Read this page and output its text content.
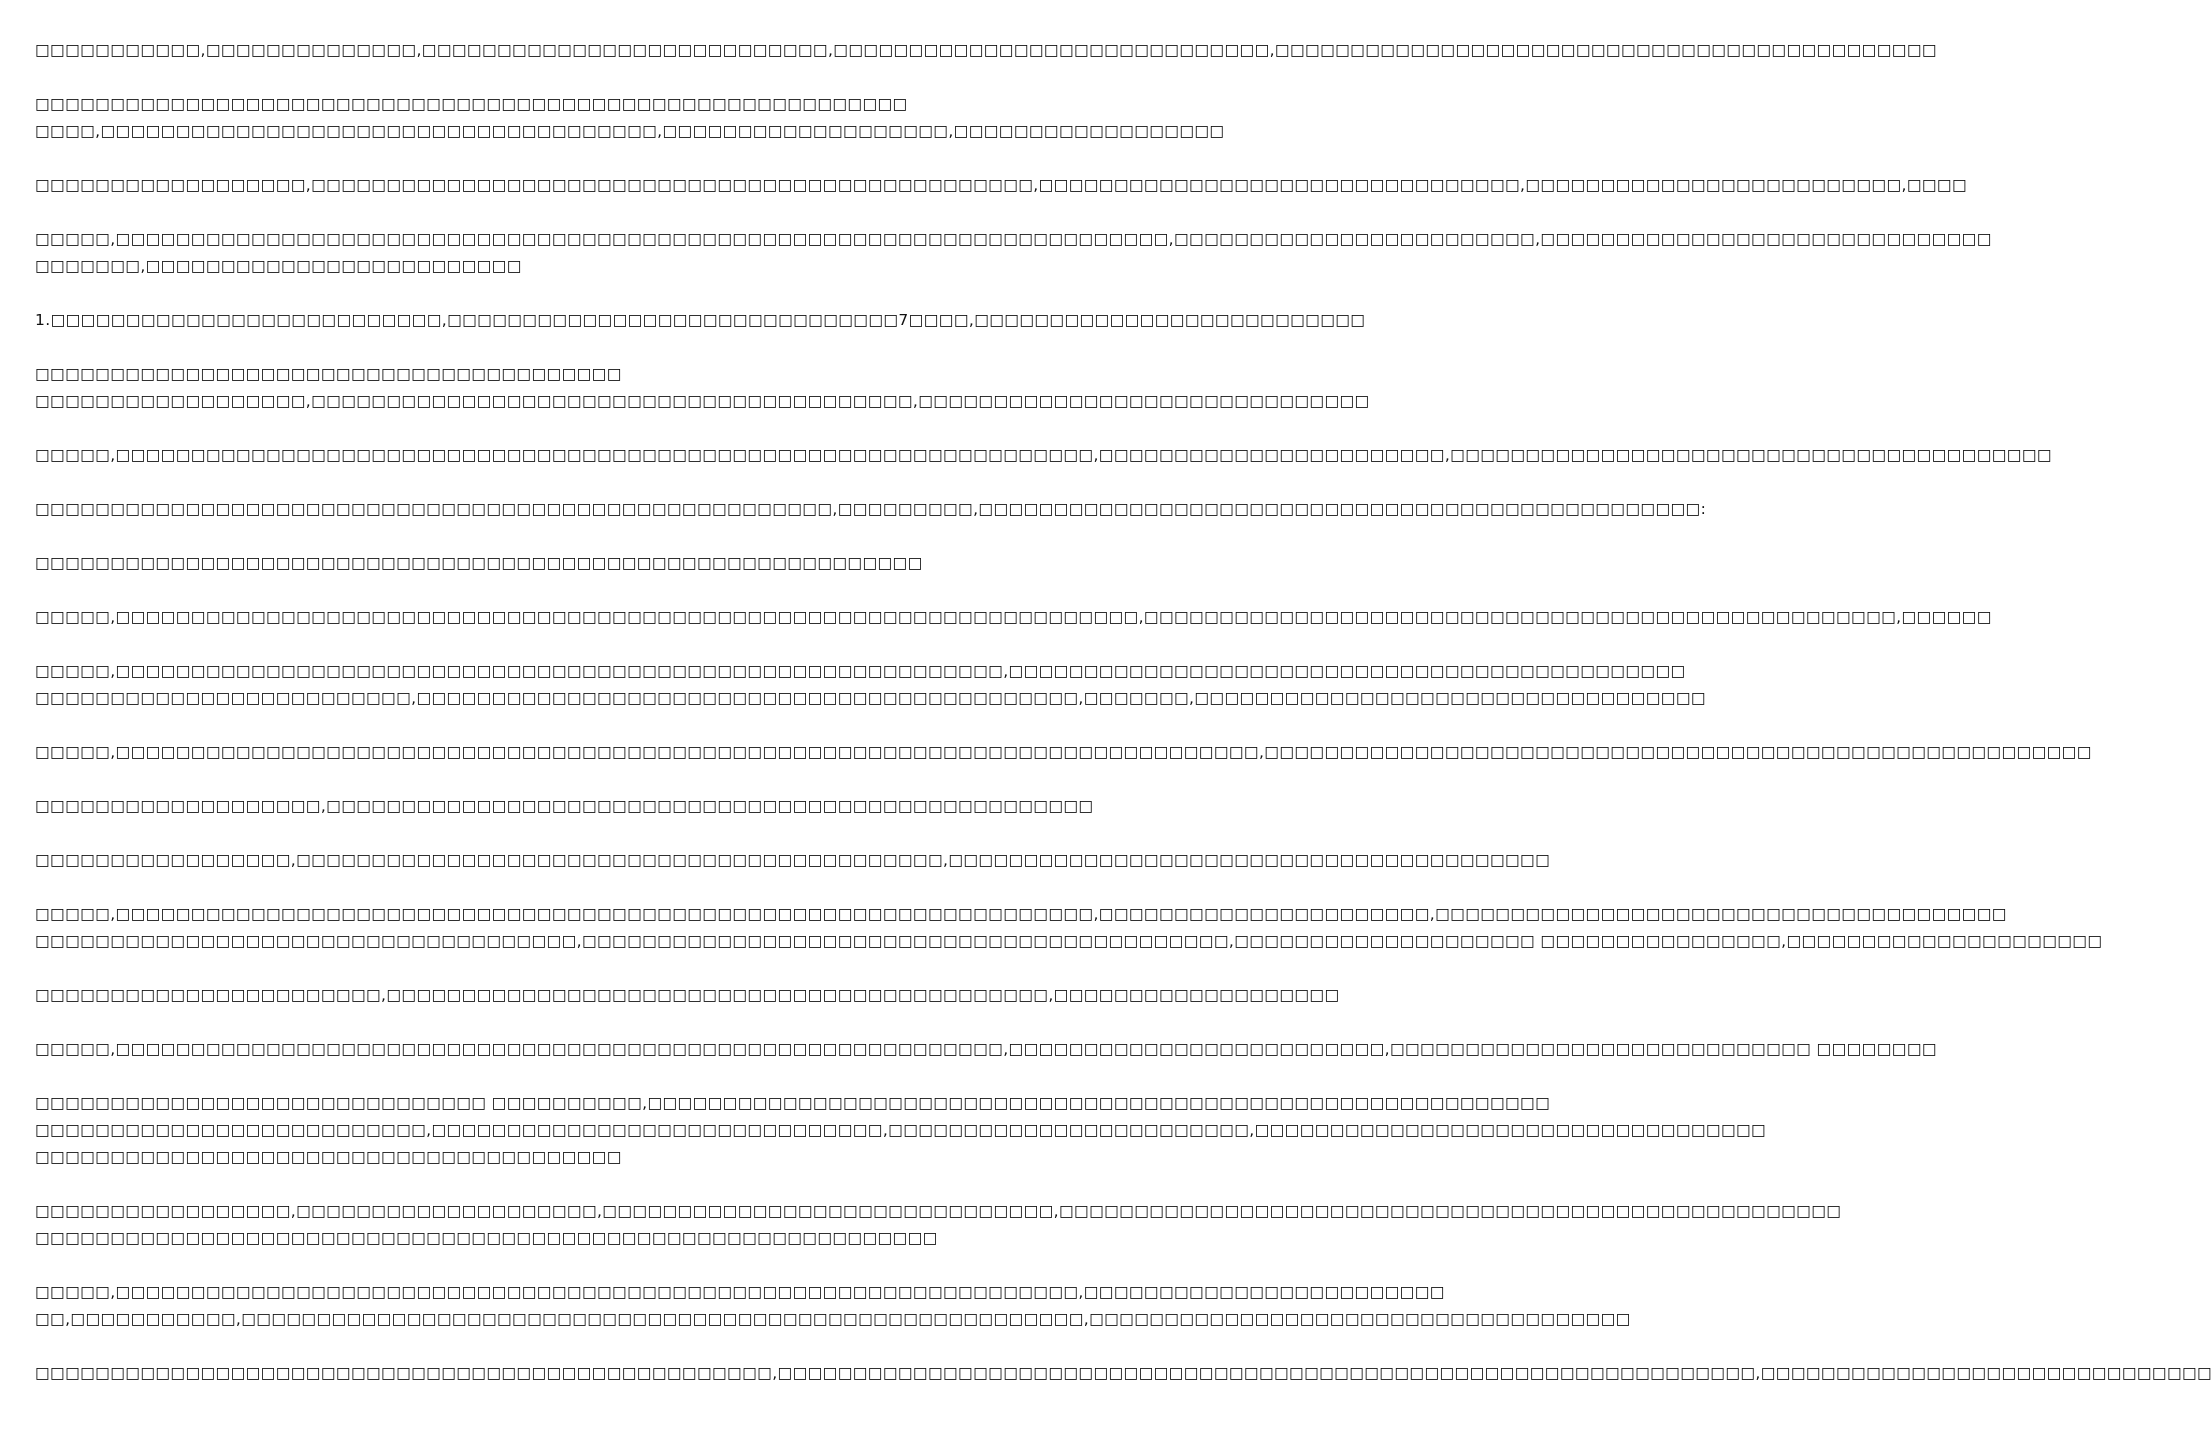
□□□□□□□□□□□,□□□□□□□□□□□□□□,□□□□□□□□□□□□□□□□□□□□□□□□□□□,□□□□□□□□□□□□□□□□□□□□□□□□□□□□□,□□□□□□□□□□□□□□□□□□□□□□□□□□□□□□□□□□□□□□□□□□□□
□□□□□□□□□□□□□□□□□□□□□□□□□□□□□□□□□□□□□□□□□□□□□□□□□□□□□□□□□□
□□□□,□□□□□□□□□□□□□□□□□□□□□□□□□□□□□□□□□□□□□,□□□□□□□□□□□□□□□□□□□,□□□□□□□□□□□□□□□□□□
□□□□□□□□□□□□□□□□□□,□□□□□□□□□□□□□□□□□□□□□□□□□□□□□□□□□□□□□□□□□□□□□□□□,□□□□□□□□□□□□□□□□□□□□□□□□□□□□□□□□,□□□□□□□□□□□□□□□□□□□□□□□□□,□□□□
□□□□□,□□□□□□□□□□□□□□□□□□□□□□□□□□□□□□□□□□□□□□□□□□□□□□□□□□□□□□□□□□□□□□□□□□□□□□,□□□□□□□□□□□□□□□□□□□□□□□□,□□□□□□□□□□□□□□□□□□□□□□□□□□□□□□
□□□□□□□,□□□□□□□□□□□□□□□□□□□□□□□□□
1.□□□□□□□□□□□□□□□□□□□□□□□□□□,□□□□□□□□□□□□□□□□□□□□□□□□□□□□□□7□□□□,□□□□□□□□□□□□□□□□□□□□□□□□□□
□□□□□□□□□□□□□□□□□□□□□□□□□□□□□□□□□□□□□□□
□□□□□□□□□□□□□□□□□□,□□□□□□□□□□□□□□□□□□□□□□□□□□□□□□□□□□□□□□□□,□□□□□□□□□□□□□□□□□□□□□□□□□□□□□□
□□□□□,□□□□□□□□□□□□□□□□□□□□□□□□□□□□□□□□□□□□□□□□□□□□□□□□□□□□□□□□□□□□□□□□□,□□□□□□□□□□□□□□□□□□□□□□□,□□□□□□□□□□□□□□□□□□□□□□□□□□□□□□□□□□□□□□□□
□□□□□□□□□□□□□□□□□□□□□□□□□□□□□□□□□□□□□□□□□□□□□□□□□□□□□,□□□□□□□□□,□□□□□□□□□□□□□□□□□□□□□□□□□□□□□□□□□□□□□□□□□□□□□□□□:
□□□□□□□□□□□□□□□□□□□□□□□□□□□□□□□□□□□□□□□□□□□□□□□□□□□□□□□□□□□
□□□□□,□□□□□□□□□□□□□□□□□□□□□□□□□□□□□□□□□□□□□□□□□□□□□□□□□□□□□□□□□□□□□□□□□□□□,□□□□□□□□□□□□□□□□□□□□□□□□□□□□□□□□□□□□□□□□□□□□□□□□□□,□□□□□□
□□□□□,□□□□□□□□□□□□□□□□□□□□□□□□□□□□□□□□□□□□□□□□□□□□□□□□□□□□□□□□□□□,□□□□□□□□□□□□□□□□□□□□□□□□□□□□□□□□□□□□□□□□□□□□□
□□□□□□□□□□□□□□□□□□□□□□□□□,□□□□□□□□□□□□□□□□□□□□□□□□□□□□□□□□□□□□□□□□□□□□,□□□□□□□,□□□□□□□□□□□□□□□□□□□□□□□□□□□□□□□□□□
□□□□□,□□□□□□□□□□□□□□□□□□□□□□□□□□□□□□□□□□□□□□□□□□□□□□□□□□□□□□□□□□□□□□□□□□□□□□□□□□□□,□□□□□□□□□□□□□□□□□□□□□□□□□□□□□□□□□□□□□□□□□□□□□□□□□□□□□□□
□□□□□□□□□□□□□□□□□□□,□□□□□□□□□□□□□□□□□□□□□□□□□□□□□□□□□□□□□□□□□□□□□□□□□□□
□□□□□□□□□□□□□□□□□,□□□□□□□□□□□□□□□□□□□□□□□□□□□□□□□□□□□□□□□□□□□,□□□□□□□□□□□□□□□□□□□□□□□□□□□□□□□□□□□□□□□□
□□□□□,□□□□□□□□□□□□□□□□□□□□□□□□□□□□□□□□□□□□□□□□□□□□□□□□□□□□□□□□□□□□□□□□□,□□□□□□□□□□□□□□□□□□□□□□,□□□□□□□□□□□□□□□□□□□□□□□□□□□□□□□□□□□□□□
□□□□□□□□□□□□□□□□□□□□□□□□□□□□□□□□□□□□,□□□□□□□□□□□□□□□□□□□□□□□□□□□□□□□□□□□□□□□□□□□,□□□□□□□□□□□□□□□□□□□□ □□□□□□□□□□□□□□□□,□□□□□□□□□□□□□□□□□□□□□
□□□□□□□□□□□□□□□□□□□□□□□,□□□□□□□□□□□□□□□□□□□□□□□□□□□□□□□□□□□□□□□□□□□□,□□□□□□□□□□□□□□□□□□□
□□□□□,□□□□□□□□□□□□□□□□□□□□□□□□□□□□□□□□□□□□□□□□□□□□□□□□□□□□□□□□□□□,□□□□□□□□□□□□□□□□□□□□□□□□□,□□□□□□□□□□□□□□□□□□□□□□□□□□□□ □□□□□□□□
□□□□□□□□□□□□□□□□□□□□□□□□□□□□□□ □□□□□□□□□□,□□□□□□□□□□□□□□□□□□□□□□□□□□□□□□□□□□□□□□□□□□□□□□□□□□□□□□□□□□□□
□□□□□□□□□□□□□□□□□□□□□□□□□□,□□□□□□□□□□□□□□□□□□□□□□□□□□□□□□,□□□□□□□□□□□□□□□□□□□□□□□□,□□□□□□□□□□□□□□□□□□□□□□□□□□□□□□□□□□
□□□□□□□□□□□□□□□□□□□□□□□□□□□□□□□□□□□□□□□
□□□□□□□□□□□□□□□□□,□□□□□□□□□□□□□□□□□□□□,□□□□□□□□□□□□□□□□□□□□□□□□□□□□□□,□□□□□□□□□□□□□□□□□□□□□□□□□□□□□□□□□□□□□□□□□□□□□□□□□□□□
□□□□□□□□□□□□□□□□□□□□□□□□□□□□□□□□□□□□□□□□□□□□□□□□□□□□□□□□□□□□
□□□□□,□□□□□□□□□□□□□□□□□□□□□□□□□□□□□□□□□□□□□□□□□□□□□□□□□□□□□□□□□□□□□□□□,□□□□□□□□□□□□□□□□□□□□□□□□
□□,□□□□□□□□□□□,□□□□□□□□□□□□□□□□□□□□□□□□□□□□□□□□□□□□□□□□□□□□□□□□□□□□□□□□,□□□□□□□□□□□□□□□□□□□□□□□□□□□□□□□□□□□□
□□□□□□□□□□□□□□□□□□□□□□□□□□□□□□□□□□□□□□□□□□□□□□□□□,□□□□□□□□□□□□□□□□□□□□□□□□□□□□□□□□□□□□□□□□□□□□□□□□□□□□□□□□□□□□□□□□□,□□□□□□□□□□□□□□□□□□□□□□□□□□□□□□
